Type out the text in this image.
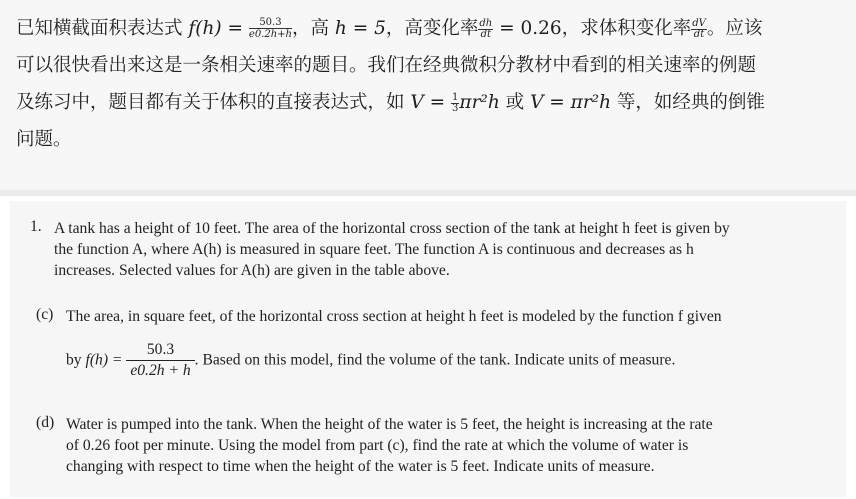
已知横截面积表达式 $f(h) = \frac{50.3}{e0.2h+h}$ ，高 h = 5，高变化率 $\frac{dh}{dt} = 0.26$，求体积变化率 $\frac{dV}{dt}$ 。应该

可以很快看出来这是一条相关速率的题目。我们在经典微积分教材中看到的相关速率的例题

及练习中，题目都有关于体积的直接表达式，如 $V = \frac{1}{3} \pi r^2h$ 或 V = πr²h 等，如经典的倒锥

问题。

1. A tank has a height of 10 feet. The area of the horizontal cross section of the tank at height h feet is given by
the function A, where A(h) is measured in square feet. The function A is continuous and decreases as h
increases. Selected values for A(h) are given in the table above.
(c) The area, in square feet, of the horizontal cross section at height h feet is modeled by the function f given
by $f(h) = \frac{50.3}{e0.2h + h}$ . Based on this model, find the volume of the tank. Indicate units of measure.
(d) Water is pumped into the tank. When the height of the water is 5 feet, the height is increasing at the rate
of 0.26 foot per minute. Using the model from part (c), find the rate at which the volume of water is
changing with respect to time when the height of the water is 5 feet. Indicate units of measure.
